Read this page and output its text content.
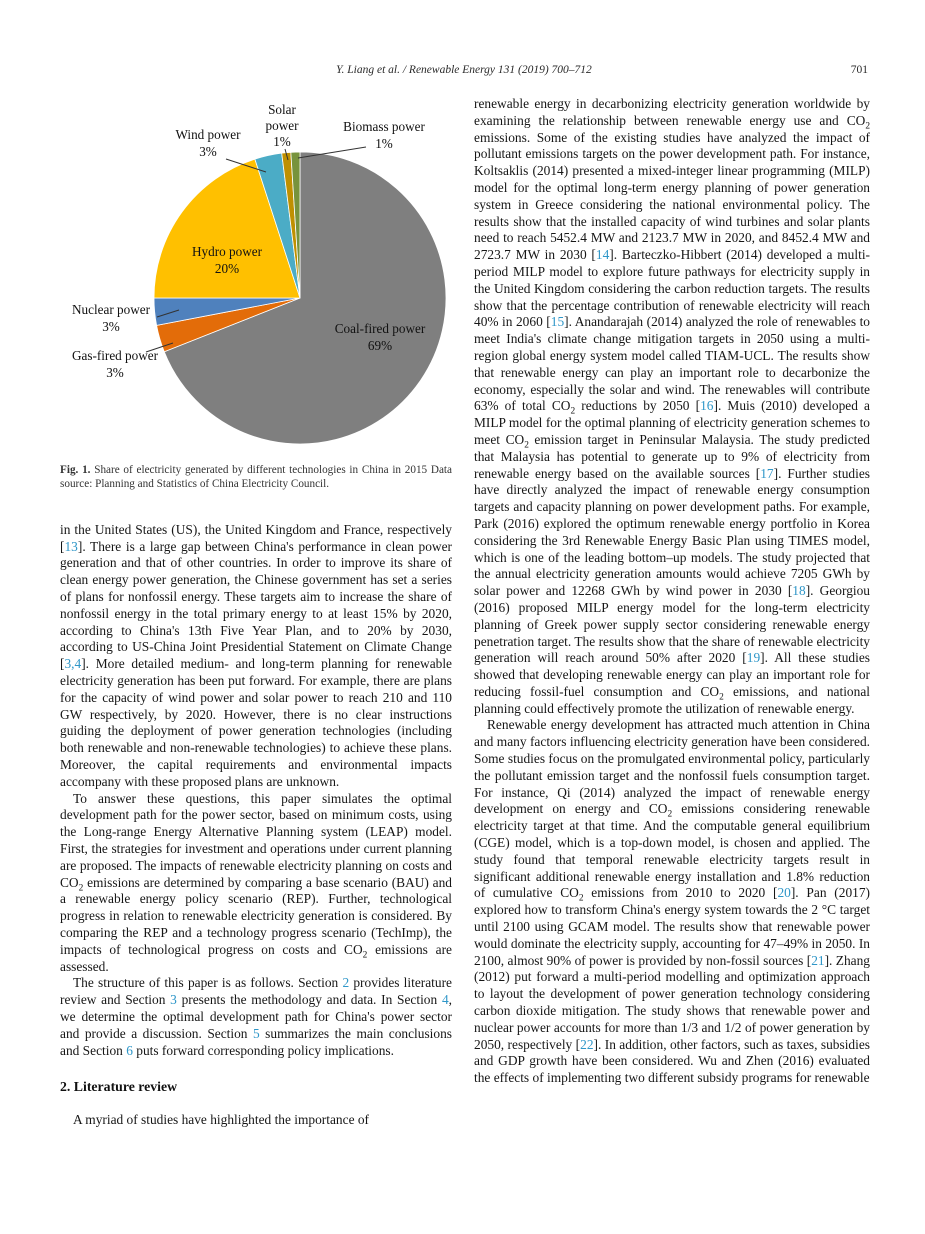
Y. Liang et al. / Renewable Energy 131 (2019) 700–712	701
Solar
power
1%
Wind power
3%
Biomass power
1%
Hydro power
20%
Nuclear power
3%
Gas-fired power
3%
Coal-fired power
69%
Fig. 1. Share of electricity generated by different technologies in China in 2015 Data source: Planning and Statistics of China Electricity Council.

in the United States (US), the United Kingdom and France, respectively [13]. There is a large gap between China's performance in clean power generation and that of other countries. In order to improve its share of clean energy power generation, the Chinese government has set a series of plans for nonfossil energy. These targets aim to increase the share of nonfossil energy in the total primary energy to at least 15% by 2020, according to China's 13th Five Year Plan, and to 20% by 2030, according to US-China Joint Presidential Statement on Climate Change [3,4]. More detailed medium- and long-term planning for renewable electricity generation has been put forward. For example, there are plans for the capacity of wind power and solar power to reach 210 and 110 GW respectively, by 2020. However, there is no clear instructions guiding the deployment of power generation technologies (including both renewable and non-renewable technologies) to achieve these plans. Moreover, the capital requirements and environmental impacts accompany with these proposed plans are unknown.

To answer these questions, this paper simulates the optimal development path for the power sector, based on minimum costs, using the Long-range Energy Alternative Planning system (LEAP) model. First, the strategies for investment and operations under current planning are proposed. The impacts of renewable electricity planning on costs and $CO_2$ emissions are determined by comparing a base scenario (BAU) and a renewable energy policy scenario (REP). Further, technological progress in relation to renewable electricity generation is considered. By comparing the REP and a technology progress scenario (TechImp), the impacts of technological progress on costs and $CO_2$ emissions are assessed.

The structure of this paper is as follows. Section 2 provides literature review and Section 3 presents the methodology and data. In Section 4, we determine the optimal development path for China's power sector and provide a discussion. Section 5 summarizes the main conclusions and Section 6 puts forward corresponding policy implications.

2. Literature review

A myriad of studies have highlighted the importance of

renewable energy in decarbonizing electricity generation worldwide by examining the relationship between renewable energy use and $CO_2$ emissions. Some of the existing studies have analyzed the impact of pollutant emissions targets on the power development path. For instance, Koltsaklis (2014) presented a mixed-integer linear programming (MILP) model for the optimal long-term energy planning of power generation system in Greece considering the national environmental policy. The results show that the installed capacity of wind turbines and solar plants need to reach 5452.4 MW and 2123.7 MW in 2020, and 8452.4 MW and 2723.7 MW in 2030 [14]. Barteczko-Hibbert (2014) developed a multi-period MILP model to explore future pathways for electricity supply in the United Kingdom considering the carbon reduction targets. The results show that the percentage contribution of renewable electricity will reach 40% in 2060 [15]. Anandarajah (2014) analyzed the role of renewables to meet India's climate change mitigation targets in 2050 using a multi-region global energy system model called TIAM-UCL. The results show that renewable energy can play an important role to decarbonize the economy, especially the solar and wind. The renewables will contribute 63% of total $CO_2$ reductions by 2050 [16]. Muis (2010) developed a MILP model for the optimal planning of electricity generation schemes to meet $CO_2$ emission target in Peninsular Malaysia. The study predicted that Malaysia has potential to generate up to 9% of electricity from renewable energy based on the available sources [17]. Further studies have directly analyzed the impact of renewable energy consumption targets and capacity planning on power development paths. For example, Park (2016) explored the optimum renewable energy portfolio in Korea considering the 3rd Renewable Energy Basic Plan using TIMES model, which is one of the leading bottom–up models. The study projected that the annual electricity generation amounts would achieve 7205 GWh by solar power and 12268 GWh by wind power in 2030 [18]. Georgiou (2016) proposed MILP energy model for the long-term electricity planning of Greek power supply sector considering renewable energy penetration target. The results show that the share of renewable electricity generation will reach around 50% after 2020 [19]. All these studies showed that developing renewable energy can play an important role for reducing fossil-fuel consumption and $CO_2$ emissions, and national planning could effectively promote the utilization of renewable energy.

Renewable energy development has attracted much attention in China and many factors influencing electricity generation have been considered. Some studies focus on the promulgated environmental policy, particularly the pollutant emission target and the nonfossil fuels consumption target. For instance, Qi (2014) analyzed the impact of renewable energy development on energy and $CO_2$ emissions considering renewable electricity target at that time. And the computable general equilibrium (CGE) model, which is a top-down model, is chosen and applied. The study found that temporal renewable electricity targets result in significant additional renewable energy installation and 1.8% reduction of cumulative $CO_2$ emissions from 2010 to 2020 [20]. Pan (2017) explored how to transform China's energy system towards the 2 °C target until 2100 using GCAM model. The results show that renewable power would dominate the electricity supply, accounting for 47–49% in 2050. In 2100, almost 90% of power is provided by non-fossil sources [21]. Zhang (2012) put forward a multi-period modelling and optimization approach to layout the development of power generation technology considering carbon dioxide mitigation. The study shows that renewable power and nuclear power accounts for more than 1/3 and 1/2 of power generation by 2050, respectively [22]. In addition, other factors, such as taxes, subsidies and GDP growth have been considered. Wu and Zhen (2016) evaluated the effects of implementing two different subsidy programs for renewable
